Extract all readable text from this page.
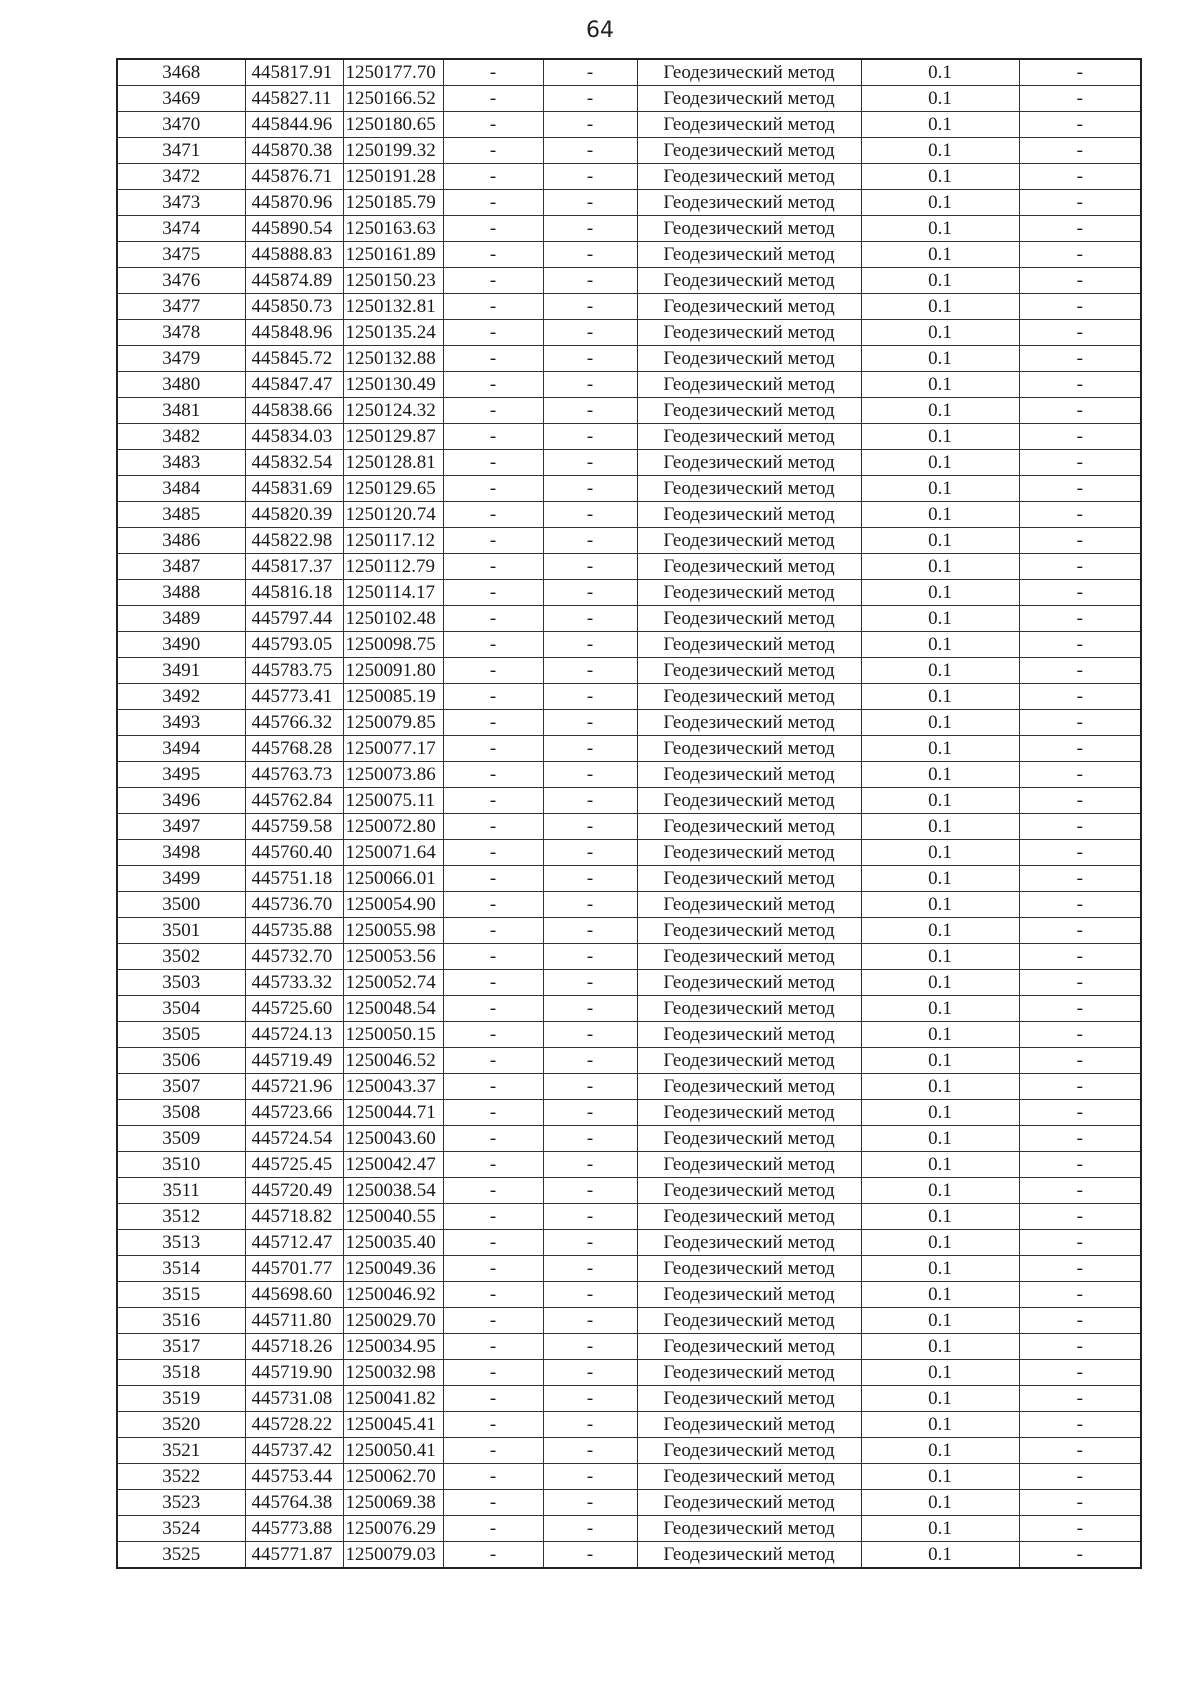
64
3468	445817.91	1250177.70	-	-	Геодезический метод	0.1	-
3469	445827.11	1250166.52	-	-	Геодезический метод	0.1	-
3470	445844.96	1250180.65	-	-	Геодезический метод	0.1	-
3471	445870.38	1250199.32	-	-	Геодезический метод	0.1	-
3472	445876.71	1250191.28	-	-	Геодезический метод	0.1	-
3473	445870.96	1250185.79	-	-	Геодезический метод	0.1	-
3474	445890.54	1250163.63	-	-	Геодезический метод	0.1	-
3475	445888.83	1250161.89	-	-	Геодезический метод	0.1	-
3476	445874.89	1250150.23	-	-	Геодезический метод	0.1	-
3477	445850.73	1250132.81	-	-	Геодезический метод	0.1	-
3478	445848.96	1250135.24	-	-	Геодезический метод	0.1	-
3479	445845.72	1250132.88	-	-	Геодезический метод	0.1	-
3480	445847.47	1250130.49	-	-	Геодезический метод	0.1	-
3481	445838.66	1250124.32	-	-	Геодезический метод	0.1	-
3482	445834.03	1250129.87	-	-	Геодезический метод	0.1	-
3483	445832.54	1250128.81	-	-	Геодезический метод	0.1	-
3484	445831.69	1250129.65	-	-	Геодезический метод	0.1	-
3485	445820.39	1250120.74	-	-	Геодезический метод	0.1	-
3486	445822.98	1250117.12	-	-	Геодезический метод	0.1	-
3487	445817.37	1250112.79	-	-	Геодезический метод	0.1	-
3488	445816.18	1250114.17	-	-	Геодезический метод	0.1	-
3489	445797.44	1250102.48	-	-	Геодезический метод	0.1	-
3490	445793.05	1250098.75	-	-	Геодезический метод	0.1	-
3491	445783.75	1250091.80	-	-	Геодезический метод	0.1	-
3492	445773.41	1250085.19	-	-	Геодезический метод	0.1	-
3493	445766.32	1250079.85	-	-	Геодезический метод	0.1	-
3494	445768.28	1250077.17	-	-	Геодезический метод	0.1	-
3495	445763.73	1250073.86	-	-	Геодезический метод	0.1	-
3496	445762.84	1250075.11	-	-	Геодезический метод	0.1	-
3497	445759.58	1250072.80	-	-	Геодезический метод	0.1	-
3498	445760.40	1250071.64	-	-	Геодезический метод	0.1	-
3499	445751.18	1250066.01	-	-	Геодезический метод	0.1	-
3500	445736.70	1250054.90	-	-	Геодезический метод	0.1	-
3501	445735.88	1250055.98	-	-	Геодезический метод	0.1	-
3502	445732.70	1250053.56	-	-	Геодезический метод	0.1	-
3503	445733.32	1250052.74	-	-	Геодезический метод	0.1	-
3504	445725.60	1250048.54	-	-	Геодезический метод	0.1	-
3505	445724.13	1250050.15	-	-	Геодезический метод	0.1	-
3506	445719.49	1250046.52	-	-	Геодезический метод	0.1	-
3507	445721.96	1250043.37	-	-	Геодезический метод	0.1	-
3508	445723.66	1250044.71	-	-	Геодезический метод	0.1	-
3509	445724.54	1250043.60	-	-	Геодезический метод	0.1	-
3510	445725.45	1250042.47	-	-	Геодезический метод	0.1	-
3511	445720.49	1250038.54	-	-	Геодезический метод	0.1	-
3512	445718.82	1250040.55	-	-	Геодезический метод	0.1	-
3513	445712.47	1250035.40	-	-	Геодезический метод	0.1	-
3514	445701.77	1250049.36	-	-	Геодезический метод	0.1	-
3515	445698.60	1250046.92	-	-	Геодезический метод	0.1	-
3516	445711.80	1250029.70	-	-	Геодезический метод	0.1	-
3517	445718.26	1250034.95	-	-	Геодезический метод	0.1	-
3518	445719.90	1250032.98	-	-	Геодезический метод	0.1	-
3519	445731.08	1250041.82	-	-	Геодезический метод	0.1	-
3520	445728.22	1250045.41	-	-	Геодезический метод	0.1	-
3521	445737.42	1250050.41	-	-	Геодезический метод	0.1	-
3522	445753.44	1250062.70	-	-	Геодезический метод	0.1	-
3523	445764.38	1250069.38	-	-	Геодезический метод	0.1	-
3524	445773.88	1250076.29	-	-	Геодезический метод	0.1	-
3525	445771.87	1250079.03	-	-	Геодезический метод	0.1	-
